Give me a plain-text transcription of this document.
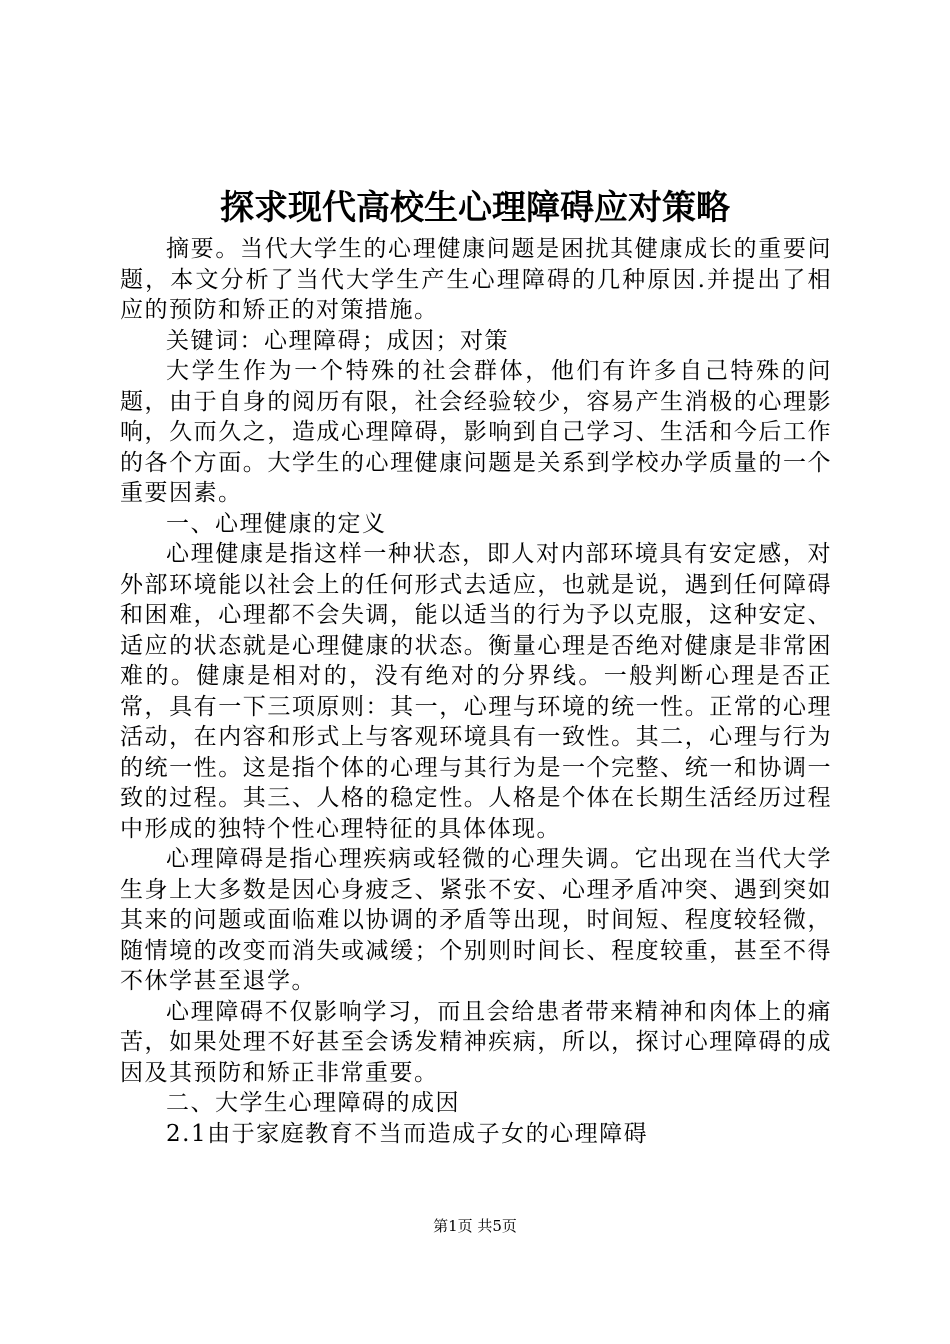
探求现代高校生心理障碍应对策略

摘要。当代大学生的心理健康问题是困扰其健康成长的重要问题，本文分析了当代大学生产生心理障碍的几种原因.并提出了相应的预防和矫正的对策措施。

关键词：心理障碍；成因；对策

大学生作为一个特殊的社会群体，他们有许多自己特殊的问题，由于自身的阅历有限，社会经验较少，容易产生消极的心理影响，久而久之，造成心理障碍，影响到自己学习、生活和今后工作的各个方面。大学生的心理健康问题是关系到学校办学质量的一个重要因素。

一、心理健康的定义

心理健康是指这样一种状态，即人对内部环境具有安定感，对外部环境能以社会上的任何形式去适应，也就是说，遇到任何障碍和困难，心理都不会失调，能以适当的行为予以克服，这种安定、适应的状态就是心理健康的状态。衡量心理是否绝对健康是非常困难的。健康是相对的，没有绝对的分界线。一般判断心理是否正常，具有一下三项原则：其一，心理与环境的统一性。正常的心理活动，在内容和形式上与客观环境具有一致性。其二，心理与行为的统一性。这是指个体的心理与其行为是一个完整、统一和协调一致的过程。其三、人格的稳定性。人格是个体在长期生活经历过程中形成的独特个性心理特征的具体体现。

心理障碍是指心理疾病或轻微的心理失调。它出现在当代大学生身上大多数是因心身疲乏、紧张不安、心理矛盾冲突、遇到突如其来的问题或面临难以协调的矛盾等出现，时间短、程度较轻微，随情境的改变而消失或减缓；个别则时间长、程度较重，甚至不得不休学甚至退学。

心理障碍不仅影响学习，而且会给患者带来精神和肉体上的痛苦，如果处理不好甚至会诱发精神疾病，所以，探讨心理障碍的成因及其预防和矫正非常重要。

二、大学生心理障碍的成因

2.1由于家庭教育不当而造成子女的心理障碍

第1页 共5页
